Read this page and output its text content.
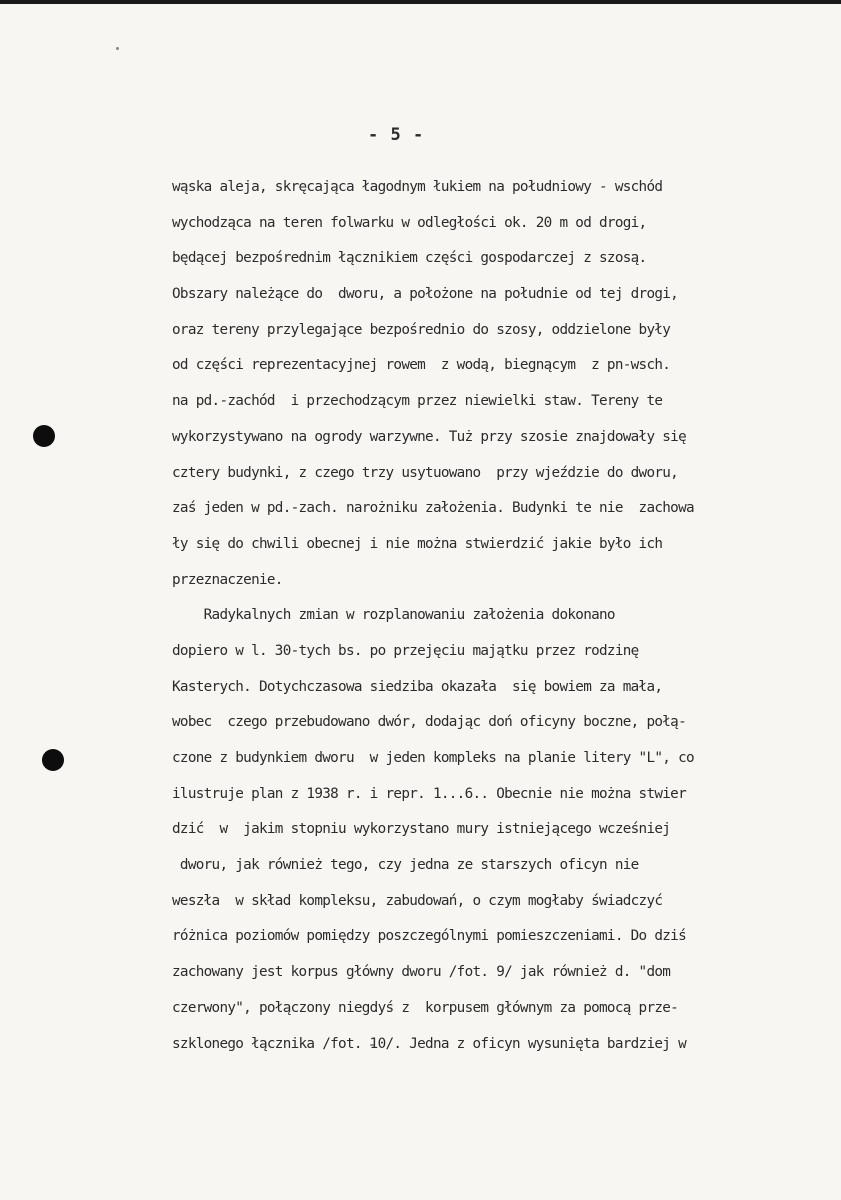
- 5 -
wąska aleja, skręcająca łagodnym łukiem na południowy - wschód
wychodząca na teren folwarku w odległości ok. 20 m od drogi,
będącej bezpośrednim łącznikiem części gospodarczej z szosą.
Obszary należące do  dworu, a położone na południe od tej drogi,
oraz tereny przylegające bezpośrednio do szosy, oddzielone były
od części reprezentacyjnej rowem  z wodą, biegnącym  z pn-wsch.
na pd.-zachód  i przechodzącym przez niewielki staw. Tereny te
wykorzystywano na ogrody warzywne. Tuż przy szosie znajdowały się
cztery budynki, z czego trzy usytuowano  przy wjeździe do dworu,
zaś jeden w pd.-zach. narożniku założenia. Budynki te nie  zachowa
ły się do chwili obecnej i nie można stwierdzić jakie było ich
przeznaczenie.
Radykalnych zmian w rozplanowaniu założenia dokonano
dopiero w l. 30-tych bs. po przejęciu majątku przez rodzinę
Kasterych. Dotychczasowa siedziba okazała  się bowiem za mała,
wobec  czego przebudowano dwór, dodając doń oficyny boczne, połą-
czone z budynkiem dworu  w jeden kompleks na planie litery "L", co
ilustruje plan z 1938 r. i repr. 1...6.. Obecnie nie można stwier
dzić  w  jakim stopniu wykorzystano mury istniejącego wcześniej
dworu, jak również tego, czy jedna ze starszych oficyn nie
weszła  w skład kompleksu, zabudowań, o czym mogłaby świadczyć
różnica poziomów pomiędzy poszczególnymi pomieszczeniami. Do dziś
zachowany jest korpus główny dworu /fot. 9/ jak również d. "dom
czerwony", połączony niegdyś z  korpusem głównym za pomocą prze-
szklonego łącznika /fot. 10/. Jedna z oficyn wysunięta bardziej w
